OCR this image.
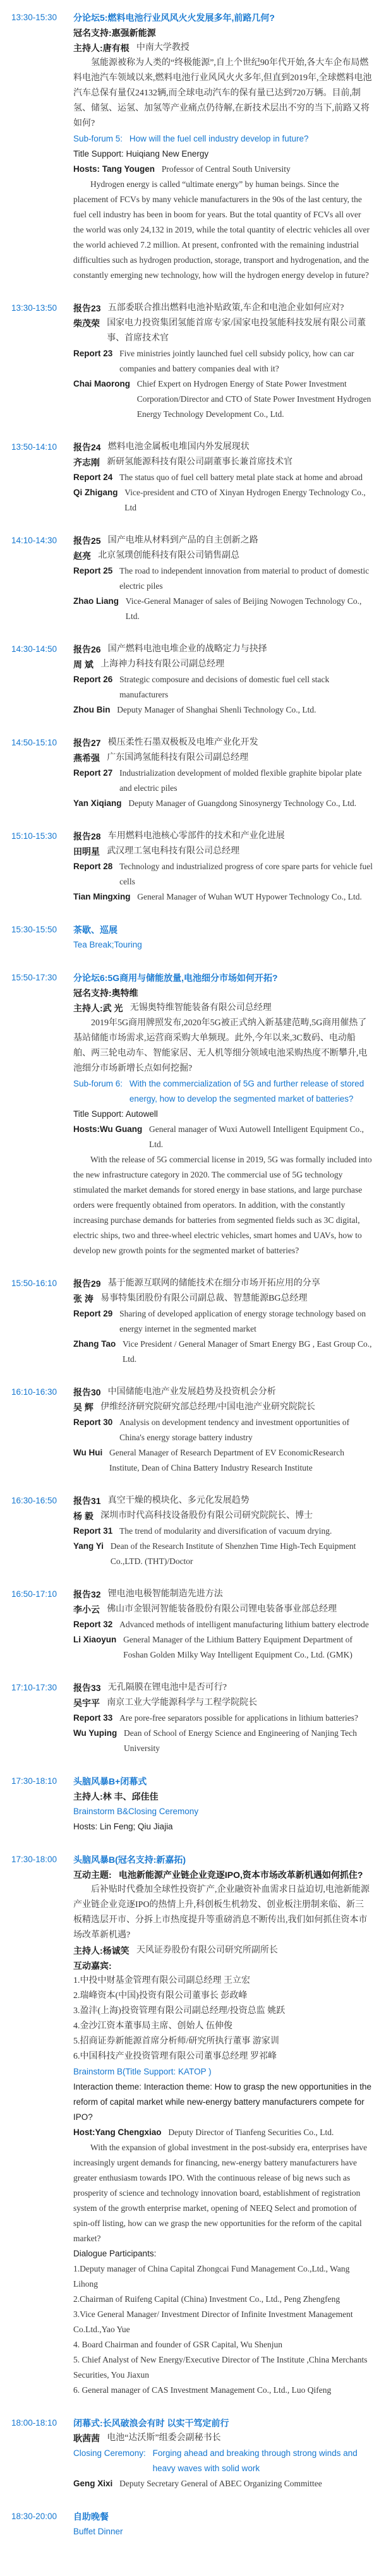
13:30-15:30	分论坛5:燃料电池行业风风火火发展多年,前路几何?
冠名支持:惠强新能源
主持人:唐有根 中南大学教授
氢能源被称为人类的“终极能源”,自上个世纪90年代开始,各大车企布局燃料电池汽车领域以来,燃料电池行业风风火火多年,但直到2019年,全球燃料电池汽车总保有量仅24132辆,而全球电动汽车的保有量已达到720万辆。目前,制氢、储氢、运氢、加氢等产业痛点仍待解,在新技术层出不穷的当下,前路又将如何?
Sub-forum 5: How will the fuel cell industry develop in future?
Title Support: Huiqiang New Energy
Hosts: Tang Yougen Professor of Central South University
Hydrogen energy is called “ultimate energy” by human beings. Since the placement of FCVs by many vehicle manufacturers in the 90s of the last century, the fuel cell industry has been in boom for years. But the total quantity of FCVs all over the world was only 24,132 in 2019, while the total quantity of electric vehicles all over the world achieved 7.2 million. At present, confronted with the remaining industrial difficulties such as hydrogen production, storage, transport and hydrogenation, and the constantly emerging new technology, how will the hydrogen energy develop in future?
13:30-13:50	报告23 五部委联合推出燃料电池补贴政策,车企和电池企业如何应对?
柴茂荣 国家电力投资集团氢能首席专家/国家电投氢能科技发展有限公司董事、首席技术官
Report 23 Five ministries jointly launched fuel cell subsidy policy, how can car companies and battery companies deal with it?
Chai Maorong Chief Expert on Hydrogen Energy of State Power Investment Corporation/Director and CTO of State Power Investment Hydrogen Energy Technology Development Co., Ltd.
13:50-14:10	报告24 燃料电池金属板电堆国内外发展现状
齐志刚 新研氢能源科技有限公司副董事长兼首席技术官
Report 24 The status quo of fuel cell battery metal plate stack at home and abroad
Qi Zhigang Vice-president and CTO of Xinyan Hydrogen Energy Technology Co., Ltd
14:10-14:30	报告25 国产电堆从材料到产品的自主创新之路
赵亮 北京氢璞创能科技有限公司销售副总
Report 25 The road to independent innovation from material to product of domestic electric piles
Zhao Liang Vice-General Manager of sales of Beijing Nowogen Technology Co., Ltd.
14:30-14:50	报告26 国产燃料电池电堆企业的战略定力与抉择
周 斌 上海神力科技有限公司副总经理
Report 26 Strategic composure and decisions of domestic fuel cell stack manufacturers
Zhou Bin Deputy Manager of Shanghai Shenli Technology Co., Ltd.
14:50-15:10	报告27 模压柔性石墨双极板及电堆产业化开发
燕希强 广东国鸿氢能科技有限公司副总经理
Report 27 Industrialization development of molded flexible graphite bipolar plate and electric piles
Yan Xiqiang Deputy Manager of Guangdong Sinosynergy Technology Co., Ltd.
15:10-15:30	报告28 车用燃料电池核心零部件的技术和产业化进展
田明星 武汉理工氢电科技有限公司总经理
Report 28 Technology and industrialized progress of core spare parts for vehicle fuel cells
Tian Mingxing General Manager of Wuhan WUT Hypower Technology Co., Ltd.
15:30-15:50	茶歇、巡展
Tea Break;Touring
15:50-17:30	分论坛6:5G商用与储能放量,电池细分市场如何开拓?
冠名支持:奥特维
主持人:武 光 无锡奥特维智能装备有限公司总经理
2019年5G商用牌照发布,2020年5G被正式纳入新基建范畴,5G商用催热了基站储能市场需求,运营商采购大单频现。此外,今年以来,3C数码、电动船舶、两三轮电动车、智能家居、无人机等细分领域电池采购热度不断攀升,电池细分市场新增长点如何挖掘?
Sub-forum 6: With the commercialization of 5G and further release of stored energy, how to develop the segmented market of batteries?
Title Support: Autowell
Hosts:Wu Guang General manager of Wuxi Autowell Intelligent Equipment Co., Ltd.
With the release of 5G commercial license in 2019, 5G was formally included into the new infrastructure category in 2020. The commercial use of 5G technology stimulated the market demands for stored energy in base stations, and large purchase orders were frequently obtained from operators. In addition, with the constantly increasing purchase demands for batteries from segmented fields such as 3C digital, electric ships, two and three-wheel electric vehicles, smart homes and UAVs, how to develop new growth points for the segmented market of batteries?
15:50-16:10	报告29 基于能源互联网的储能技术在细分市场开拓应用的分享
张 涛 易事特集团股份有限公司副总裁、智慧能源BG总经理
Report 29 Sharing of developed application of energy storage technology based on energy internet in the segmented market
Zhang Tao Vice President / General Manager of Smart Energy BG , East Group Co., Ltd.
16:10-16:30	报告30 中国储能电池产业发展趋势及投资机会分析
吴 辉 伊维经济研究院研究部总经理/中国电池产业研究院院长
Report 30 Analysis on development tendency and investment opportunities of China's energy storage battery industry
Wu Hui General Manager of Research Department of EV EconomicResearch Institute, Dean of China Battery Industry Research Institute
16:30-16:50	报告31 真空干燥的模块化、多元化发展趋势
杨 毅 深圳市时代高科技设备股份有限公司研究院院长、博士
Report 31 The trend of modularity and diversification of vacuum drying.
Yang Yi Dean of the Research Institute of Shenzhen Time High-Tech Equipment Co.,LTD. (THT)/Doctor
16:50-17:10	报告32 锂电池电极智能制造先进方法
李小云 佛山市金银河智能装备股份有限公司锂电装备事业部总经理
Report 32 Advanced methods of intelligent manufacturing lithium battery electrode
Li Xiaoyun General Manager of the Lithium Battery Equipment Department of Foshan Golden Milky Way Intelligent Equipment Co., Ltd. (GMK)
17:10-17:30	报告33 无孔隔膜在锂电池中是否可行?
吴宇平 南京工业大学能源科学与工程学院院长
Report 33 Are pore-free separators possible for applications in lithium batteries?
Wu Yuping Dean of School of Energy Science and Engineering of Nanjing Tech University
17:30-18:10	头脑风暴B+闭幕式
主持人:林 丰、邱佳佳
Brainstorm B&Closing Ceremony
Hosts: Lin Feng; Qiu Jiajia
17:30-18:00	头脑风暴B(冠名支持:新嘉拓)
互动主题: 电池新能源产业链企业竞逐IPO,资本市场改革新机遇如何抓住?
后补贴时代叠加全球性投资扩产,企业融资补血需求日益迫切,电池新能源产业链企业竞逐IPO的热情上升,科创板生机勃发、创业板注册制来临、新三板精选层开市、分拆上市热度提升等重磅消息不断传出,我们如何抓住资本市场改革新机遇?
主持人:杨诚笑 天风证券股份有限公司研究所副所长
互动嘉宾:
1.中投中财基金管理有限公司副总经理 王立宏
2.瑞峰资本(中国)投资有限公司董事长 彭政峰
3.盈沣(上海)投资管理有限公司副总经理/投资总监 姚跃
4.金沙江资本董事局主席、创始人 伍伸俊
5.招商证券新能源首席分析师/研究所执行董事 游家训
6.中国科技产业投资管理有限公司董事总经理 罗祁峰
Brainstorm B(Title Support: KATOP )
Interaction theme: Interaction theme: How to grasp the new opportunities in the reform of capital market while new-energy battery manufacturers compete for IPO?
Host:Yang Chengxiao Deputy Director of Tianfeng Securities Co., Ltd.
With the expansion of global investment in the post-subsidy era, enterprises have increasingly urgent demands for financing, new-energy battery manufacturers have greater enthusiasm towards IPO. With the continuous release of big news such as prosperity of science and technology innovation board, establishment of registration system of the growth enterprise market, opening of NEEQ Select and promotion of spin-off listing, how can we grasp the new opportunities for the reform of the capital market?
Dialogue Participants:
1.Deputy manager of China Capital Zhongcai Fund Management Co.,Ltd., Wang Lihong
2.Chairman of Ruifeng Capital (China) Investment Co., Ltd., Peng Zhengfeng
3.Vice General Manager/ Investment Director of Infinite Investment Management Co.Ltd.,Yao Yue
4. Board Chairman and founder of GSR Capital, Wu Shenjun
5. Chief Analyst of New Energy/Executive Director of The Institute ,China Merchants Securities, You Jiaxun
6. General manager of CAS Investment Management Co., Ltd., Luo Qifeng
18:00-18:10	闭幕式:长风破浪会有时 以实干笃定前行
耿茜茜 电池“达沃斯”组委会副秘书长
Closing Ceremony: Forging ahead and breaking through strong winds and heavy waves with solid work
Geng Xixi Deputy Secretary General of ABEC Organizing Committee
18:30-20:00	自助晚餐
Buffet Dinner
